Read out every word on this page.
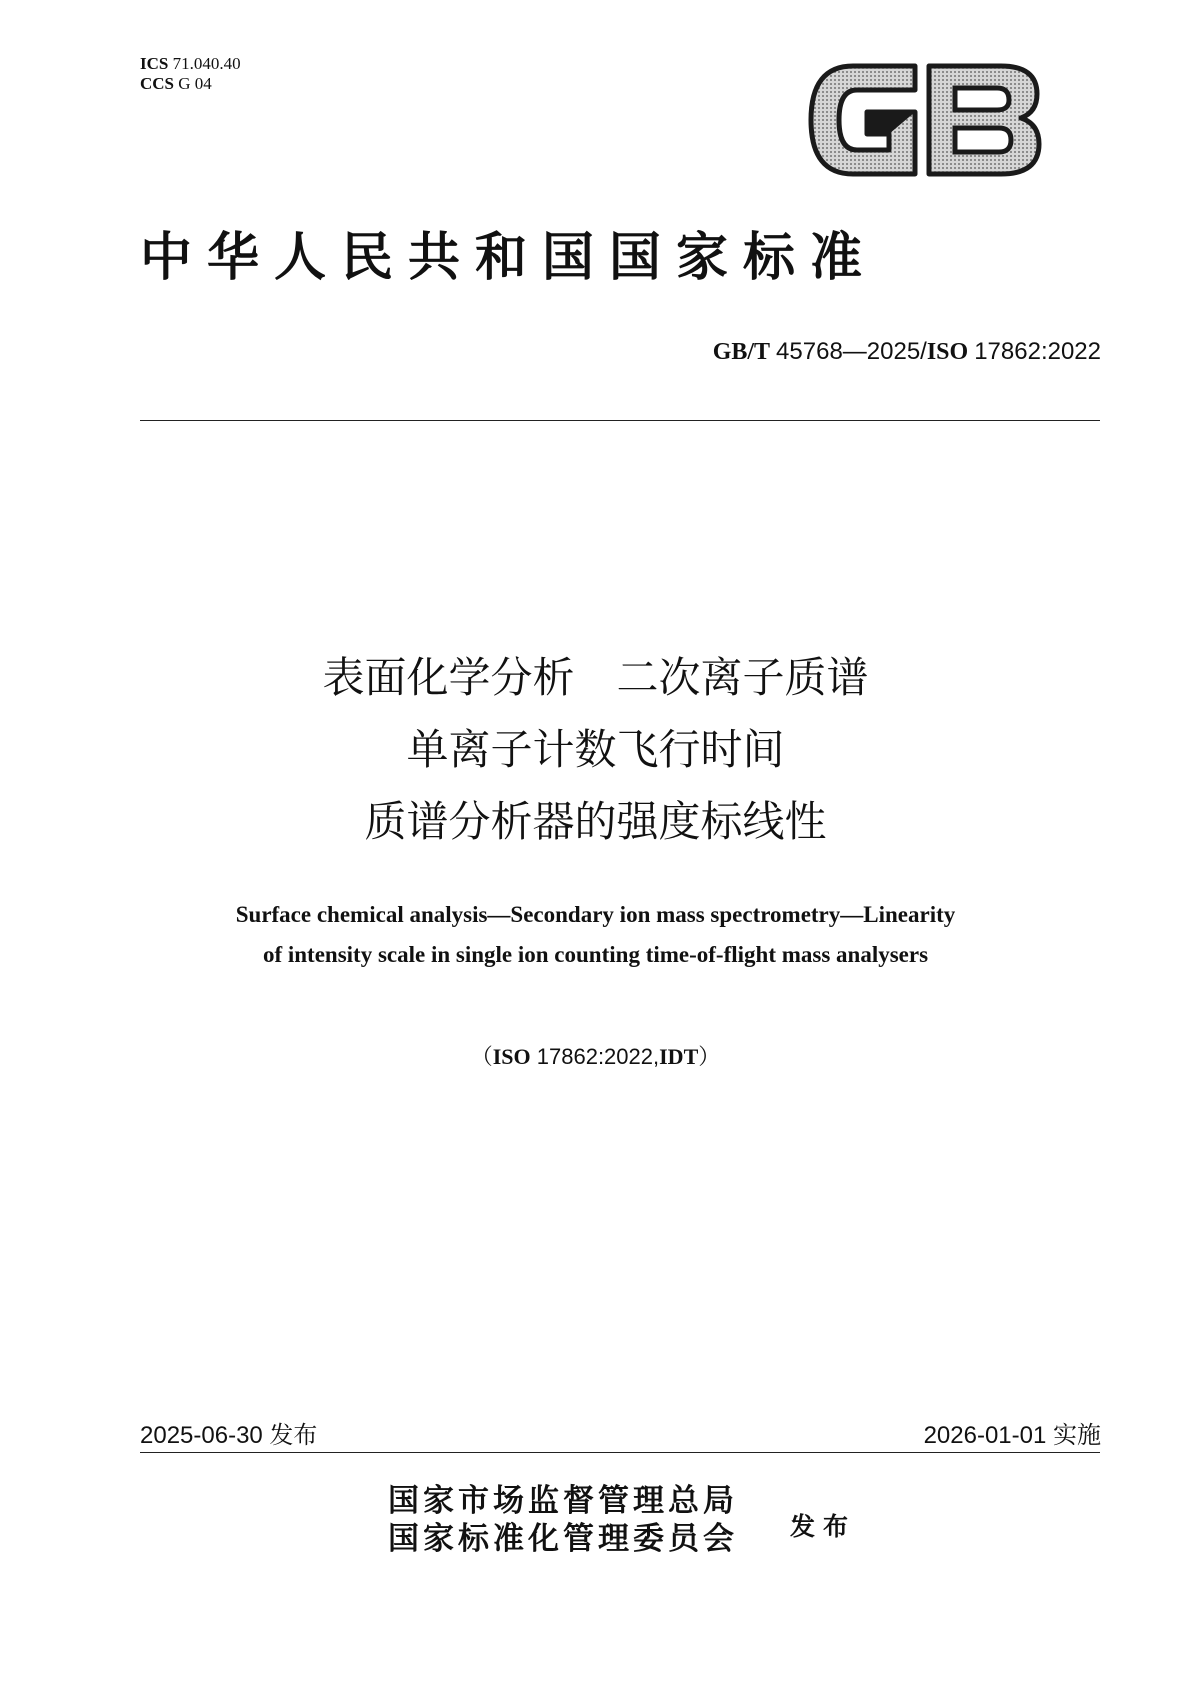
ICS 71.040.40
CCS G 04
GB
中华人民共和国国家标准
GB/T 45768—2025/ISO 17862:2022
表面化学分析　二次离子质谱
单离子计数飞行时间
质谱分析器的强度标线性
Surface chemical analysis—Secondary ion mass spectrometry—Linearity
of intensity scale in single ion counting time-of-flight mass analysers
（ISO 17862:2022,IDT）
2025-06-30 发布	2026-01-01 实施
国家市场监督管理总局
国家标准化管理委员会 发布
